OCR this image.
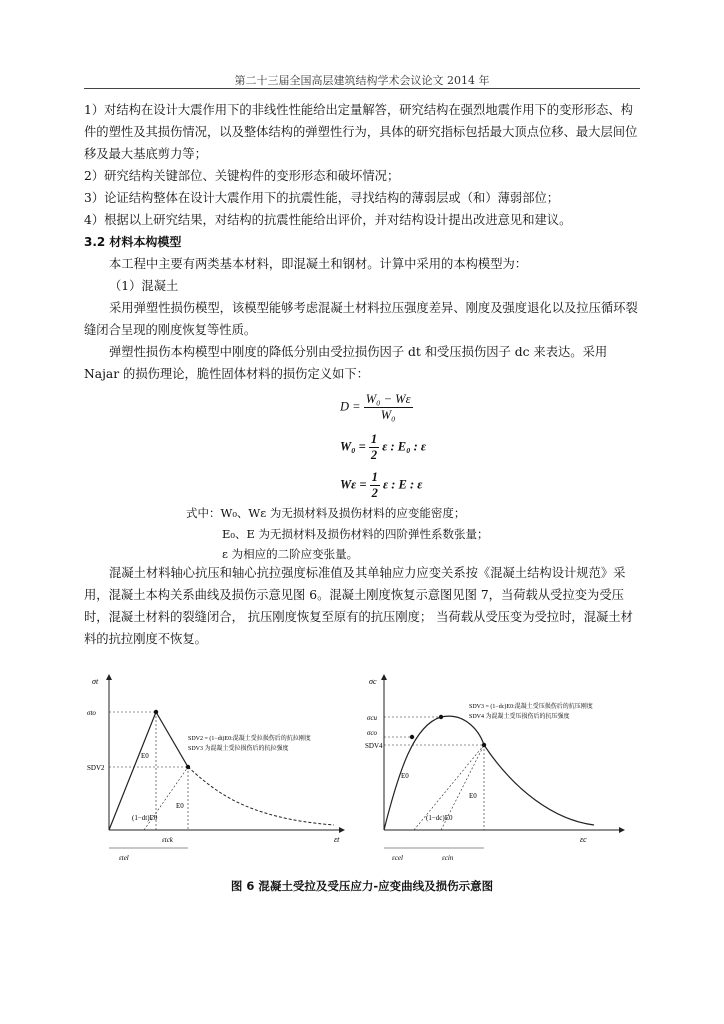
第二十三届全国高层建筑结构学术会议论文 2014 年

1）对结构在设计大震作用下的非线性性能给出定量解答，研究结构在强烈地震作用下的变形形态、构件的塑性及其损伤情况，以及整体结构的弹塑性行为，具体的研究指标包括最大顶点位移、最大层间位移及最大基底剪力等；

2）研究结构关键部位、关键构件的变形形态和破坏情况；

3）论证结构整体在设计大震作用下的抗震性能，寻找结构的薄弱层或（和）薄弱部位；

4）根据以上研究结果，对结构的抗震性能给出评价，并对结构设计提出改进意见和建议。

3.2 材料本构模型

本工程中主要有两类基本材料，即混凝土和钢材。计算中采用的本构模型为：

（1）混凝土

采用弹塑性损伤模型，该模型能够考虑混凝土材料拉压强度差异、刚度及强度退化以及拉压循环裂缝闭合呈现的刚度恢复等性质。

弹塑性损伤本构模型中刚度的降低分别由受拉损伤因子 dt 和受压损伤因子 dc 来表达。采用 Najar 的损伤理论，脆性固体材料的损伤定义如下：

$D = \frac{\text{W₀ − Wε}}{\text{W₀}}$
$W_0 = \frac{1}{2}$ ε : E₀ : ε
$W\varepsilon = \frac{1}{2}$ ε : E : ε
式中：W₀、Wε 为无损材料及损伤材料的应变能密度；
E₀、E 为无损材料及损伤材料的四阶弹性系数张量；
ε 为相应的二阶应变张量。
混凝土材料轴心抗压和轴心抗拉强度标准值及其单轴应力应变关系按《混凝土结构设计规范》采用，混凝土本构关系曲线及损伤示意见图 6。混凝土刚度恢复示意图见图 7，当荷载从受拉变为受压时，混凝土材料的裂缝闭合， 抗压刚度恢复至原有的抗压刚度； 当荷载从受压变为受拉时，混凝土材料的抗拉刚度不恢复。
σt
εt
σto
SDV2
E0
E0
(1−dt)E0
SDV2 = (1−dt)E0:混凝土受拉损伤后的抗拉刚度
SDV3 为混凝土受拉损伤后的抗拉强度
εtel
εtck
σc
εc
σcu
σco
SDV4
E0
E0
(1−dc)E0
SDV3 = (1−dc)E0:混凝土受压损伤后的抗压刚度
SDV4 为混凝土受压损伤后的抗压强度
εcel	εcin
图 6 混凝土受拉及受压应力-应变曲线及损伤示意图
